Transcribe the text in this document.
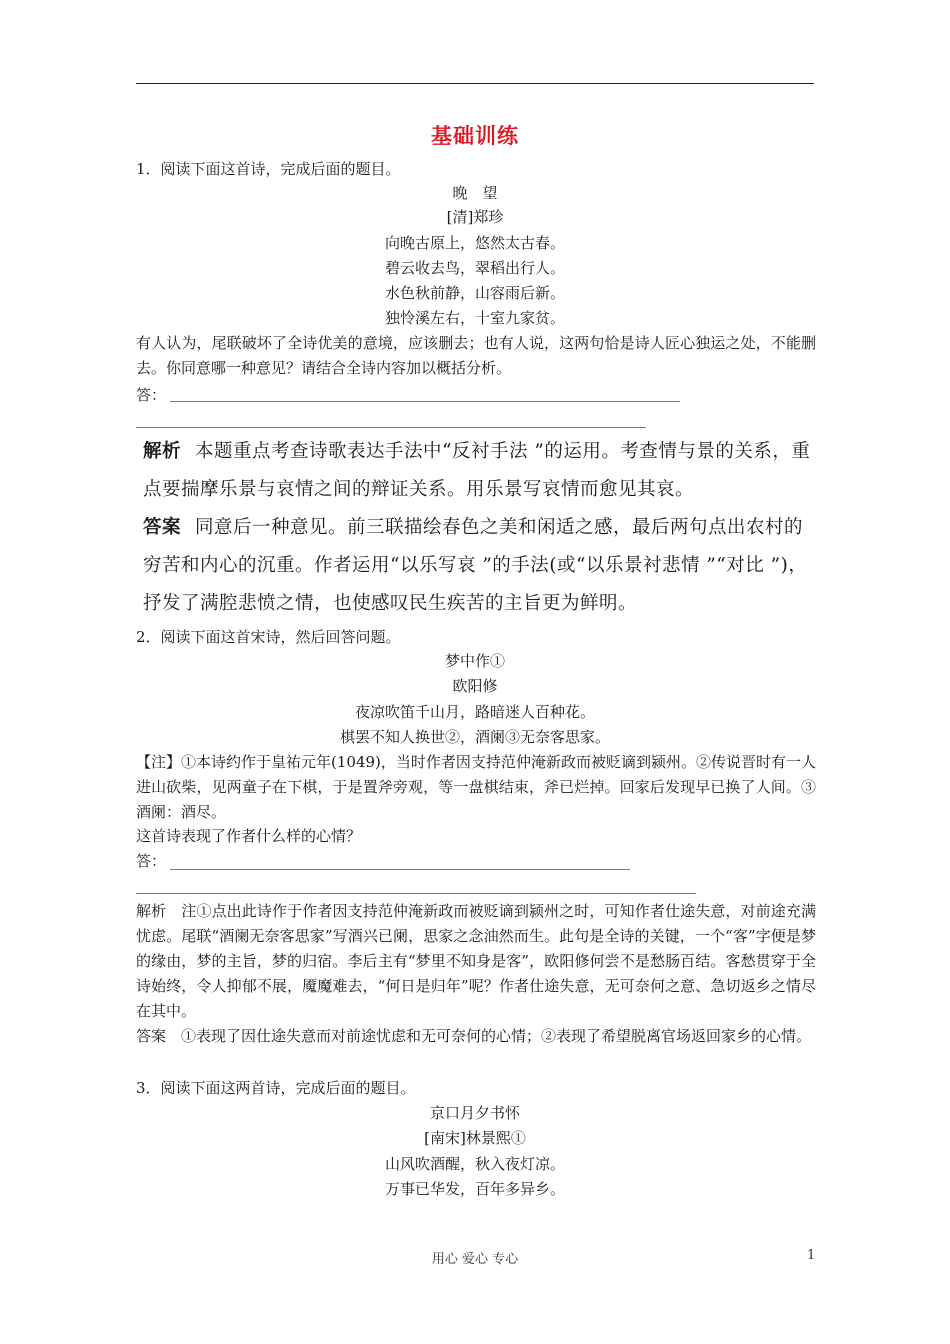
基础训练
1．阅读下面这首诗，完成后面的题目。
晚　望
[清]郑珍
向晚古原上，悠然太古春。
碧云收去鸟，翠稻出行人。
水色秋前静，山容雨后新。
独怜溪左右，十室九家贫。
有人认为，尾联破坏了全诗优美的意境，应该删去；也有人说，这两句恰是诗人匠心独运之处，不能删去。你同意哪一种意见？请结合全诗内容加以概括分析。
答：
解析 本题重点考查诗歌表达手法中“反衬手法 ”的运用。考查情与景的关系，重点要揣摩乐景与哀情之间的辩证关系。用乐景写哀情而愈见其哀。
答案 同意后一种意见。前三联描绘春色之美和闲适之感，最后两句点出农村的穷苦和内心的沉重。作者运用“以乐写哀 ”的手法(或“以乐景衬悲情 ”“对比 ”)，抒发了满腔悲愤之情，也使感叹民生疾苦的主旨更为鲜明。
2．阅读下面这首宋诗，然后回答问题。
梦中作①
欧阳修
夜凉吹笛千山月，路暗迷人百种花。
棋罢不知人换世②，酒阑③无奈客思家。
【注】①本诗约作于皇祐元年(1049)，当时作者因支持范仲淹新政而被贬谪到颍州。②传说晋时有一人进山砍柴，见两童子在下棋，于是置斧旁观，等一盘棋结束，斧已烂掉。回家后发现早已换了人间。③酒阑：酒尽。
这首诗表现了作者什么样的心情？
答：
解析　注①点出此诗作于作者因支持范仲淹新政而被贬谪到颍州之时，可知作者仕途失意，对前途充满忧虑。尾联“酒阑无奈客思家”写酒兴已阑，思家之念油然而生。此句是全诗的关键，一个“客”字便是梦的缘由，梦的主旨，梦的归宿。李后主有“梦里不知身是客”，欧阳修何尝不是愁肠百结。客愁贯穿于全诗始终，令人抑郁不展，魇魔难去，“何日是归年”呢？作者仕途失意，无可奈何之意、急切返乡之情尽在其中。
答案　①表现了因仕途失意而对前途忧虑和无可奈何的心情；②表现了希望脱离官场返回家乡的心情。
3．阅读下面这两首诗，完成后面的题目。
京口月夕书怀
[南宋]林景熙①
山风吹酒醒，秋入夜灯凉。
万事已华发，百年多异乡。
用心 爱心 专心	1
